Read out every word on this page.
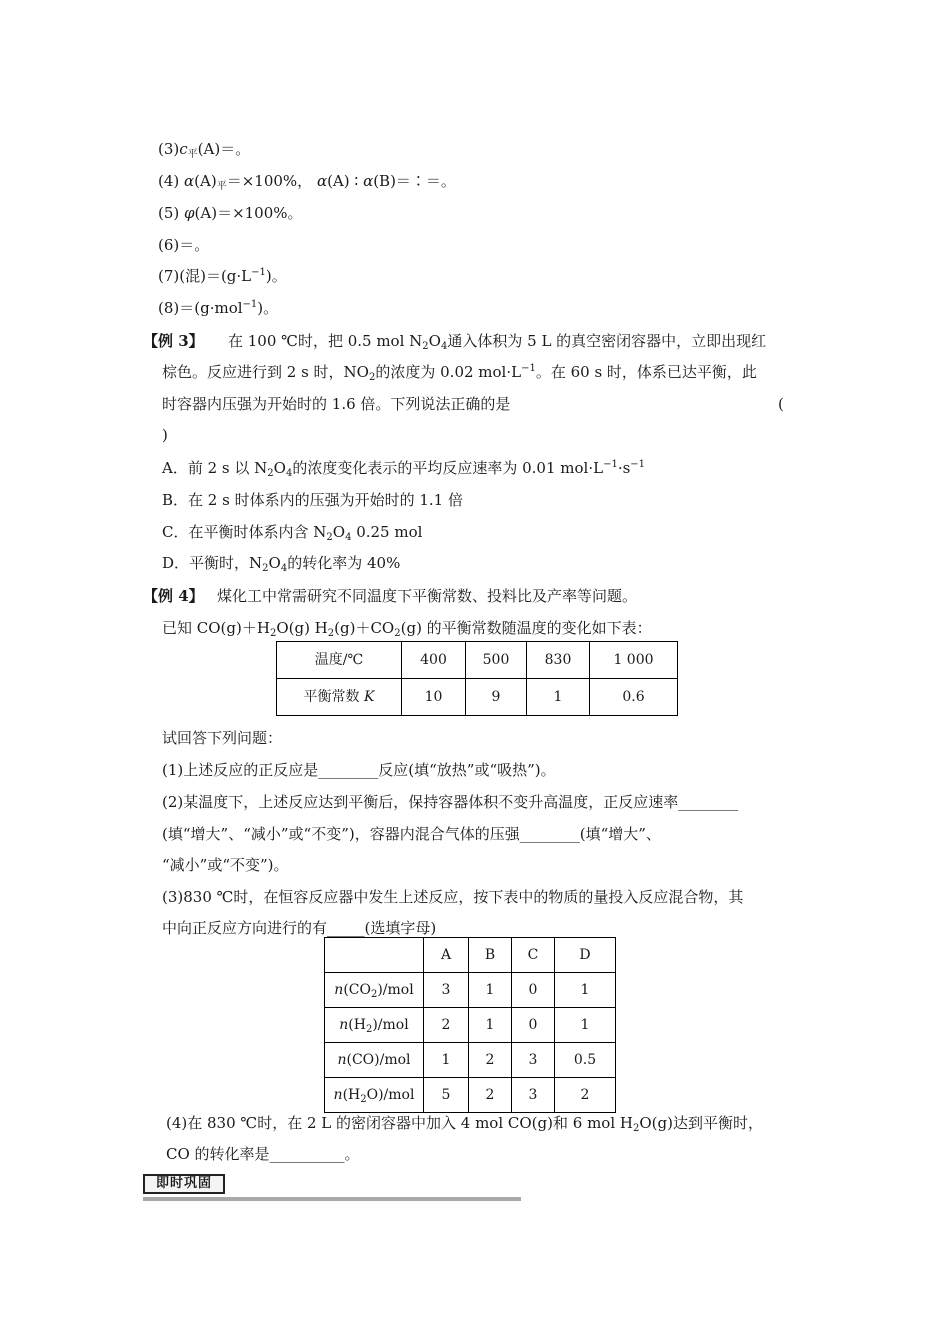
$(3)c_平(A)=$。
(4) $\alpha(A)_平=\times 100\%$， α(A) ∶ α(B)＝∶＝。
(5) φ(A)＝×100%。
(6)＝。
(7)(混)$=(g\cdot L^{-1})$。
(8)＝(g·mol$^{-1}$)。
【例 3】 在 100 ℃时，把 0.5 mol $N_2O_4$通入体积为 5 L 的真空密闭容器中，立即出现红
棕色。反应进行到 2 s 时，$NO_2$的浓度为 0.02 $mol\cdot L^{-1}$。在 60 s 时，体系已达平衡，此
时容器内压强为开始时的 1.6 倍。下列说法正确的是	(
)
A．前 2 s 以 $N_2O_4$的浓度变化表示的平均反应速率为 0.01 $mol\cdot L^{-1}\cdot s^{-1}$
B．在 2 s 时体系内的压强为开始时的 1.1 倍
C．在平衡时体系内含 $N_2O_4$ 0.25 mol
D．平衡时，$N_2O_4$的转化率为 40%
【例 4】 煤化工中常需研究不同温度下平衡常数、投料比及产率等问题。
已知 $CO(g)+H_2O(g)$ $H_2(g)+CO_2(g)$ 的平衡常数随温度的变化如下表：
温度/℃	400	500	830	1 000
平衡常数 K	10	9	1	0.6
试回答下列问题：
(1)上述反应的正反应是________反应(填“放热”或“吸热”)。
(2)某温度下，上述反应达到平衡后，保持容器体积不变升高温度，正反应速率________
(填“增大”、“减小”或“不变”)，容器内混合气体的压强________(填“增大”、
“减小”或“不变”)。
(3)830 ℃时，在恒容反应器中发生上述反应，按下表中的物质的量投入反应混合物，其
中向正反应方向进行的有_____(选填字母)
	A	B	C	D
$n(CO_2)$/mol	3	1	0	1
$n(H_2)$/mol	2	1	0	1
n(CO)/mol	1	2	3	0.5
$n(H_2O)$/mol	5	2	3	2
(4)在 830 ℃时，在 2 L 的密闭容器中加入 4 mol CO(g)和 6 mol $H_2O(g)$达到平衡时，
CO 的转化率是__________。
即时巩固
